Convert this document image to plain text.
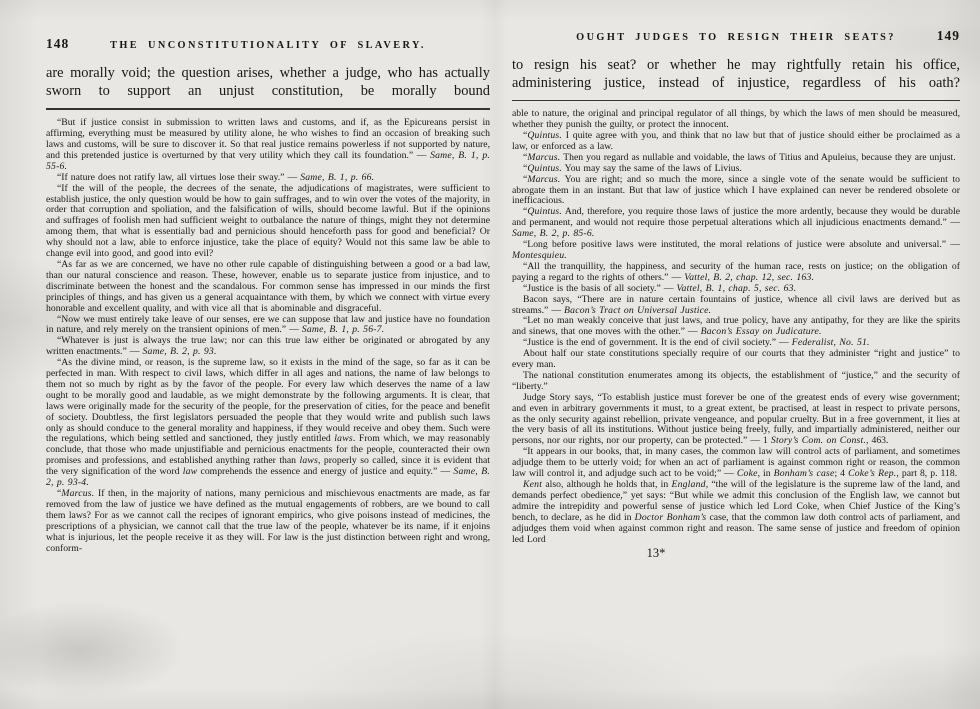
148	THE UNCONSTITUTIONALITY OF SLAVERY.

are morally void; the question arises, whether a judge, who has actually sworn to support an unjust constitution, be morally bound

“But if justice consist in submission to written laws and customs, and if, as the Epicureans persist in affirming, everything must be measured by utility alone, he who wishes to find an occasion of breaking such laws and customs, will be sure to discover it. So that real justice remains powerless if not supported by nature, and this pretended justice is overturned by that very utility which they call its foundation.” — Same, B. 1, p. 55-6.

“If nature does not ratify law, all virtues lose their sway.” — Same, B. 1, p. 66.

“If the will of the people, the decrees of the senate, the adjudications of magistrates, were sufficient to establish justice, the only question would be how to gain suffrages, and to win over the votes of the majority, in order that corruption and spoliation, and the falsification of wills, should become lawful. But if the opinions and suffrages of foolish men had sufficient weight to outbalance the nature of things, might they not determine among them, that what is essentially bad and pernicious should henceforth pass for good and beneficial? Or why should not a law, able to enforce injustice, take the place of equity? Would not this same law be able to change evil into good, and good into evil?

“As far as we are concerned, we have no other rule capable of distinguishing between a good or a bad law, than our natural conscience and reason. These, however, enable us to separate justice from injustice, and to discriminate between the honest and the scandalous. For common sense has impressed in our minds the first principles of things, and has given us a general acquaintance with them, by which we connect with virtue every honorable and excellent quality, and with vice all that is abominable and disgraceful.

“Now we must entirely take leave of our senses, ere we can suppose that law and justice have no foundation in nature, and rely merely on the transient opinions of men.” — Same, B. 1, p. 56-7.

“Whatever is just is always the true law; nor can this true law either be originated or abrogated by any written enactments.” — Same, B. 2, p. 93.

“As the divine mind, or reason, is the supreme law, so it exists in the mind of the sage, so far as it can be perfected in man. With respect to civil laws, which differ in all ages and nations, the name of law belongs to them not so much by right as by the favor of the people. For every law which deserves the name of a law ought to be morally good and laudable, as we might demonstrate by the following arguments. It is clear, that laws were originally made for the security of the people, for the preservation of cities, for the peace and benefit of society. Doubtless, the first legislators persuaded the people that they would write and publish such laws only as should conduce to the general morality and happiness, if they would receive and obey them. Such were the regulations, which being settled and sanctioned, they justly entitled laws. From which, we may reasonably conclude, that those who made unjustifiable and pernicious enactments for the people, counteracted their own promises and professions, and established anything rather than laws, properly so called, since it is evident that the very signification of the word law comprehends the essence and energy of justice and equity.” — Same, B. 2, p. 93-4.

“Marcus. If then, in the majority of nations, many pernicious and mischievous enactments are made, as far removed from the law of justice we have defined as the mutual engagements of robbers, are we bound to call them laws? For as we cannot call the recipes of ignorant empirics, who give poisons instead of medicines, the prescriptions of a physician, we cannot call that the true law of the people, whatever be its name, if it enjoins what is injurious, let the people receive it as they will. For law is the just distinction between right and wrong, conform-

OUGHT JUDGES TO RESIGN THEIR SEATS?	149

to resign his seat? or whether he may rightfully retain his office, administering justice, instead of injustice, regardless of his oath?

able to nature, the original and principal regulator of all things, by which the laws of men should be measured, whether they punish the guilty, or protect the innocent.

“Quintus. I quite agree with you, and think that no law but that of justice should either be proclaimed as a law, or enforced as a law.

“Marcus. Then you regard as nullable and voidable, the laws of Titius and Apuleius, because they are unjust.

“Quintus. You may say the same of the laws of Livius.

“Marcus. You are right; and so much the more, since a single vote of the senate would be sufficient to abrogate them in an instant. But that law of justice which I have explained can never be rendered obsolete or inefficacious.

“Quintus. And, therefore, you require those laws of justice the more ardently, because they would be durable and permanent, and would not require those perpetual alterations which all injudicious enactments demand.” — Same, B. 2, p. 85-6.

“Long before positive laws were instituted, the moral relations of justice were absolute and universal.” — Montesquieu.

“All the tranquillity, the happiness, and security of the human race, rests on justice; on the obligation of paying a regard to the rights of others.” — Vattel, B. 2, chap. 12, sec. 163.

“Justice is the basis of all society.” — Vattel, B. 1, chap. 5, sec. 63.

Bacon says, “There are in nature certain fountains of justice, whence all civil laws are derived but as streams.” — Bacon’s Tract on Universal Justice.

“Let no man weakly conceive that just laws, and true policy, have any antipathy, for they are like the spirits and sinews, that one moves with the other.” — Bacon’s Essay on Judicature.

“Justice is the end of government. It is the end of civil society.” — Federalist, No. 51.

About half our state constitutions specially require of our courts that they administer “right and justice” to every man.

The national constitution enumerates among its objects, the establishment of “justice,” and the security of “liberty.”

Judge Story says, “To establish justice must forever be one of the greatest ends of every wise government; and even in arbitrary governments it must, to a great extent, be practised, at least in respect to private persons, as the only security against rebellion, private vengeance, and popular cruelty. But in a free government, it lies at the very basis of all its institutions. Without justice being freely, fully, and impartially administered, neither our persons, nor our rights, nor our property, can be protected.” — 1 Story’s Com. on Const., 463.

“It appears in our books, that, in many cases, the common law will control acts of parliament, and sometimes adjudge them to be utterly void; for when an act of parliament is against common right or reason, the common law will control it, and adjudge such act to be void;” — Coke, in Bonham’s case; 4 Coke’s Rep., part 8, p. 118.

Kent also, although he holds that, in England, “the will of the legislature is the supreme law of the land, and demands perfect obedience,” yet says: “But while we admit this conclusion of the English law, we cannot but admire the intrepidity and powerful sense of justice which led Lord Coke, when Chief Justice of the King’s bench, to declare, as he did in Doctor Bonham’s case, that the common law doth control acts of parliament, and adjudges them void when against common right and reason. The same sense of justice and freedom of opinion led Lord

13*
